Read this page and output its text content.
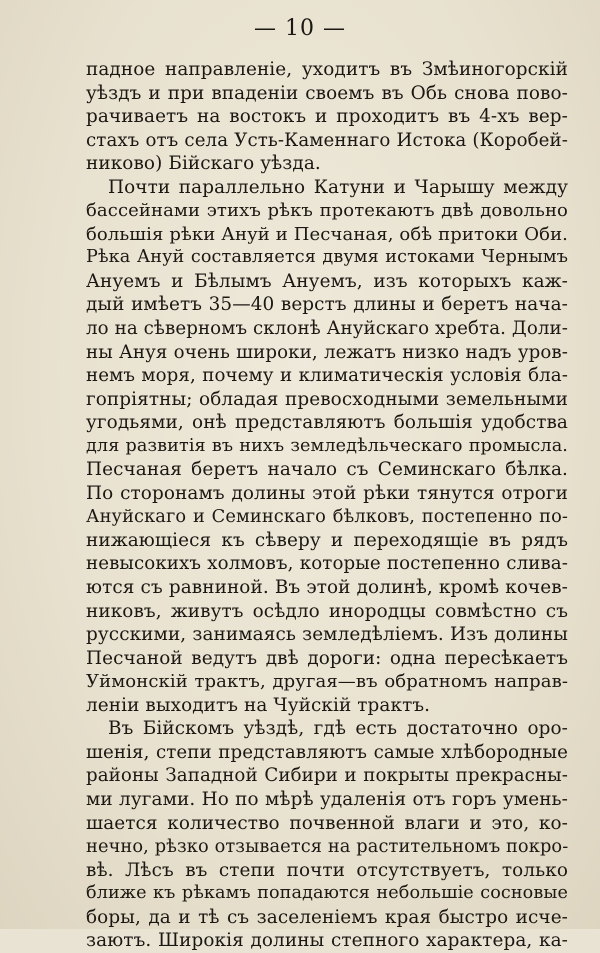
— 10 —
падное направленіе, уходитъ въ Змѣиногорскій
уѣздъ и при впаденіи своемъ въ Обь снова пово-
рачиваетъ на востокъ и проходитъ въ 4-хъ вер-
стахъ отъ села Усть-Каменнаго Истока (Коробей-
никово) Бійскаго уѣзда.
Почти параллельно Катуни и Чарышу между
бассейнами этихъ рѣкъ протекаютъ двѣ довольно
большія рѣки Ануй и Песчаная, обѣ притоки Оби.
Рѣка Ануй составляется двумя истоками Чернымъ
Ануемъ и Бѣлымъ Ануемъ, изъ которыхъ каж-
дый имѣетъ 35—40 верстъ длины и беретъ нача-
ло на сѣверномъ склонѣ Ануйскаго хребта. Доли-
ны Ануя очень широки, лежатъ низко надъ уров-
немъ моря, почему и климатическія условія бла-
гопріятны; обладая превосходными земельными
угодьями, онѣ представляютъ большія удобства
для развитія въ нихъ земледѣльческаго промысла.
Песчаная беретъ начало съ Семинскаго бѣлка.
По сторонамъ долины этой рѣки тянутся отроги
Ануйскаго и Семинскаго бѣлковъ, постепенно по-
нижающіеся къ сѣверу и переходящіе въ рядъ
невысокихъ холмовъ, которые постепенно слива-
ются съ равниной. Въ этой долинѣ, кромѣ кочев-
никовъ, живутъ осѣдло инородцы совмѣстно съ
русскими, занимаясь земледѣліемъ. Изъ долины
Песчаной ведутъ двѣ дороги: одна пересѣкаетъ
Уймонскій трактъ, другая—въ обратномъ направ-
леніи выходитъ на Чуйскій трактъ.
Въ Бійскомъ уѣздѣ, гдѣ есть достаточно оро-
шенія, степи представляютъ самые хлѣбородные
районы Западной Сибири и покрыты прекрасны-
ми лугами. Но по мѣрѣ удаленія отъ горъ умень-
шается количество почвенной влаги и это, ко-
нечно, рѣзко отзывается на растительномъ покро-
вѣ. Лѣсъ въ степи почти отсутствуетъ, только
ближе къ рѣкамъ попадаются небольшіе сосновые
боры, да и тѣ съ заселеніемъ края быстро исче-
заютъ. Широкія долины степного характера, ка-
